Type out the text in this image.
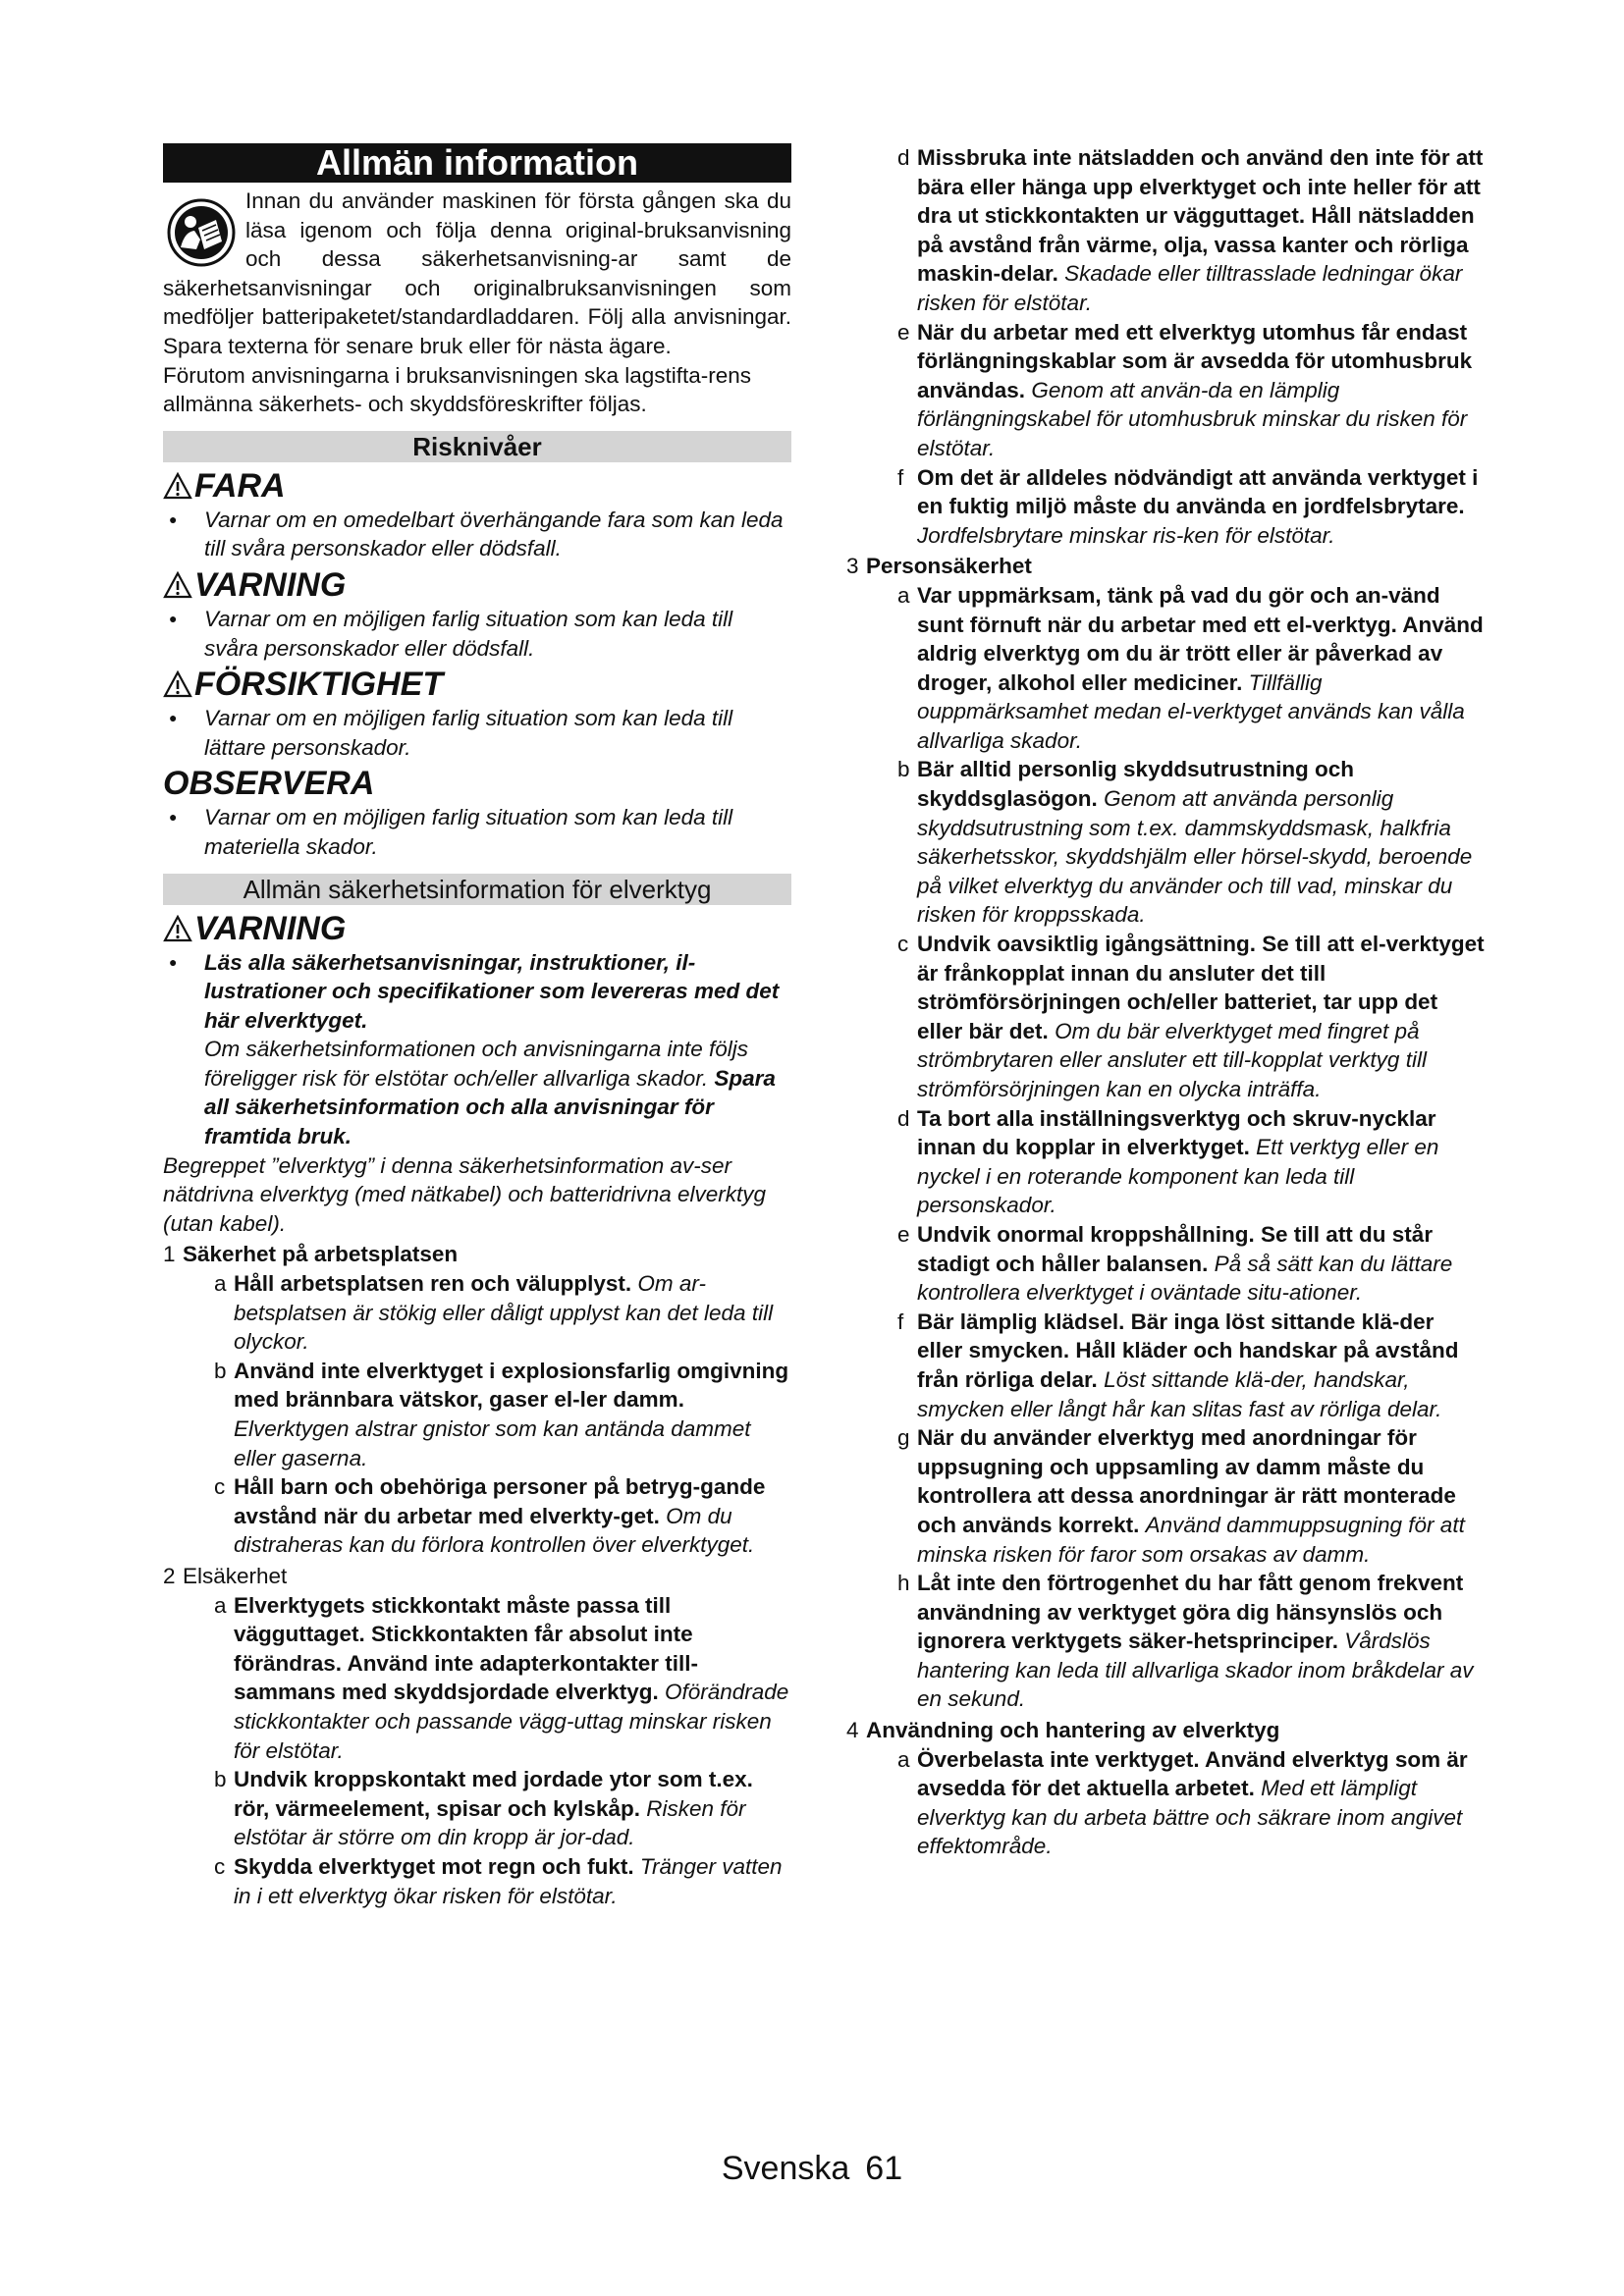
Allmän information
Innan du använder maskinen för första gången ska du läsa igenom och följa denna original-bruksanvisning och dessa säkerhetsanvisning-ar samt de säkerhetsanvisningar och originalbruksanvisningen som medföljer batteripaketet/standardladdaren. Följ alla anvisningar. Spara texterna för senare bruk eller för nästa ägare.
Förutom anvisningarna i bruksanvisningen ska lagstifta-rens allmänna säkerhets- och skyddsföreskrifter följas.
Risknivåer
FARA
● Varnar om en omedelbart överhängande fara som kan leda till svåra personskador eller dödsfall.
VARNING
● Varnar om en möjligen farlig situation som kan leda till svåra personskador eller dödsfall.
FÖRSIKTIGHET
● Varnar om en möjligen farlig situation som kan leda till lättare personskador.
OBSERVERA
● Varnar om en möjligen farlig situation som kan leda till materiella skador.
Allmän säkerhetsinformation för elverktyg
VARNING
● Läs alla säkerhetsanvisningar, instruktioner, il-lustrationer och specifikationer som levereras med det här elverktyget.
Om säkerhetsinformationen och anvisningarna inte följs föreligger risk för elstötar och/eller allvarliga skador. Spara all säkerhetsinformation och alla anvisningar för framtida bruk.
Begreppet ”elverktyg” i denna säkerhetsinformation av-ser nätdrivna elverktyg (med nätkabel) och batteridrivna elverktyg (utan kabel).
1 Säkerhet på arbetsplatsen
a Håll arbetsplatsen ren och välupplyst. Om ar-betsplatsen är stökig eller dåligt upplyst kan det leda till olyckor.
b Använd inte elverktyget i explosionsfarlig omgivning med brännbara vätskor, gaser el-ler damm. Elverktygen alstrar gnistor som kan antända dammet eller gaserna.
c Håll barn och obehöriga personer på betryg-gande avstånd när du arbetar med elverkty-get. Om du distraheras kan du förlora kontrollen över elverktyget.
2 Elsäkerhet
a Elverktygets stickkontakt måste passa till vägguttaget. Stickkontakten får absolut inte förändras. Använd inte adapterkontakter till-sammans med skyddsjordade elverktyg. Oförändrade stickkontakter och passande vägg-uttag minskar risken för elstötar.
b Undvik kroppskontakt med jordade ytor som t.ex. rör, värmeelement, spisar och kylskåp. Risken för elstötar är större om din kropp är jor-dad.
c Skydda elverktyget mot regn och fukt. Tränger vatten in i ett elverktyg ökar risken för elstötar.
d Missbruka inte nätsladden och använd den inte för att bära eller hänga upp elverktyget och inte heller för att dra ut stickkontakten ur vägguttaget. Håll nätsladden på avstånd från värme, olja, vassa kanter och rörliga maskin-delar. Skadade eller tilltrasslade ledningar ökar risken för elstötar.
e När du arbetar med ett elverktyg utomhus får endast förlängningskablar som är avsedda för utomhusbruk användas. Genom att använ-da en lämplig förlängningskabel för utomhusbruk minskar du risken för elstötar.
f Om det är alldeles nödvändigt att använda verktyget i en fuktig miljö måste du använda en jordfelsbrytare. Jordfelsbrytare minskar ris-ken för elstötar.
3 Personsäkerhet
a Var uppmärksam, tänk på vad du gör och an-vänd sunt förnuft när du arbetar med ett el-verktyg. Använd aldrig elverktyg om du är trött eller är påverkad av droger, alkohol eller mediciner. Tillfällig ouppmärksamhet medan el-verktyget används kan vålla allvarliga skador.
b Bär alltid personlig skyddsutrustning och skyddsglasögon. Genom att använda personlig skyddsutrustning som t.ex. dammskyddsmask, halkfria säkerhetsskor, skyddshjälm eller hörsel-skydd, beroende på vilket elverktyg du använder och till vad, minskar du risken för kroppsskada.
c Undvik oavsiktlig igångsättning. Se till att el-verktyget är frånkopplat innan du ansluter det till strömförsörjningen och/eller batteriet, tar upp det eller bär det. Om du bär elverktyget med fingret på strömbrytaren eller ansluter ett till-kopplat verktyg till strömförsörjningen kan en olycka inträffa.
d Ta bort alla inställningsverktyg och skruv-nycklar innan du kopplar in elverktyget. Ett verktyg eller en nyckel i en roterande komponent kan leda till personskador.
e Undvik onormal kroppshållning. Se till att du står stadigt och håller balansen. På så sätt kan du lättare kontrollera elverktyget i oväntade situ-ationer.
f Bär lämplig klädsel. Bär inga löst sittande klä-der eller smycken. Håll kläder och handskar på avstånd från rörliga delar. Löst sittande klä-der, handskar, smycken eller långt hår kan slitas fast av rörliga delar.
g När du använder elverktyg med anordningar för uppsugning och uppsamling av damm måste du kontrollera att dessa anordningar är rätt monterade och används korrekt. Använd dammuppsugning för att minska risken för faror som orsakas av damm.
h Låt inte den förtrogenhet du har fått genom frekvent användning av verktyget göra dig hänsynslös och ignorera verktygets säker-hetsprinciper. Vårdslös hantering kan leda till allvarliga skador inom bråkdelar av en sekund.
4 Användning och hantering av elverktyg
a Överbelasta inte verktyget. Använd elverktyg som är avsedda för det aktuella arbetet. Med ett lämpligt elverktyg kan du arbeta bättre och säkrare inom angivet effektområde.
Svenska 61
